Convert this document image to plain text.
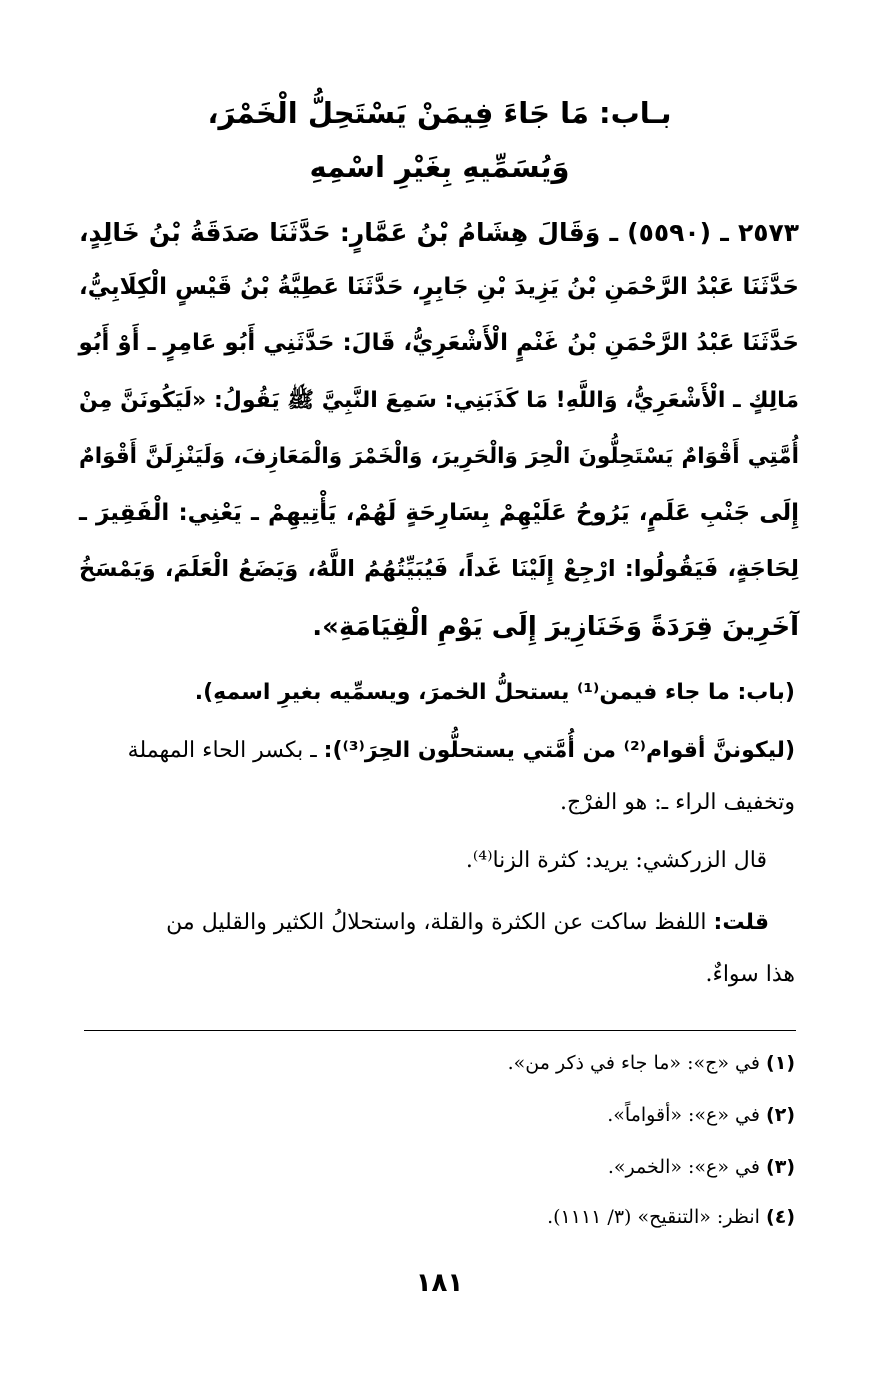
بـاب: مَا جَاءَ فِيمَنْ يَسْتَحِلُّ الْخَمْرَ،
وَيُسَمِّيهِ بِغَيْرِ اسْمِهِ
٢٥٧٣ ـ (٥٥٩٠) ـ وَقَالَ هِشَامُ بْنُ عَمَّارٍ: حَدَّثَنَا صَدَقَةُ بْنُ خَالِدٍ،
حَدَّثَنَا عَبْدُ الرَّحْمَنِ بْنُ يَزِيدَ بْنِ جَابِرٍ، حَدَّثَنَا عَطِيَّةُ بْنُ قَيْسٍ الْكِلَابِيُّ،
حَدَّثَنَا عَبْدُ الرَّحْمَنِ بْنُ غَنْمٍ الْأَشْعَرِيُّ، قَالَ: حَدَّثَنِي أَبُو عَامِرٍ ـ أَوْ أَبُو
مَالِكٍ ـ الْأَشْعَرِيُّ، وَاللَّهِ! مَا كَذَبَنِي: سَمِعَ النَّبِيَّ ﷺ يَقُولُ: «لَيَكُونَنَّ مِنْ
أُمَّتِي أَقْوَامٌ يَسْتَحِلُّونَ الْحِرَ وَالْحَرِيرَ، وَالْخَمْرَ وَالْمَعَازِفَ، وَلَيَنْزِلَنَّ أَقْوَامٌ
إِلَى جَنْبِ عَلَمٍ، يَرُوحُ عَلَيْهِمْ بِسَارِحَةٍ لَهُمْ، يَأْتِيهِمْ ـ يَعْنِي: الْفَقِيرَ ـ
لِحَاجَةٍ، فَيَقُولُوا: ارْجِعْ إِلَيْنَا غَداً، فَيُبَيِّتُهُمُ اللَّهُ، وَيَضَعُ الْعَلَمَ، وَيَمْسَخُ
آخَرِينَ قِرَدَةً وَخَنَازِيرَ إِلَى يَوْمِ الْقِيَامَةِ».
(باب: ما جاء فيمن⁽¹⁾ يستحلُّ الخمرَ، ويسمِّيه بغيرِ اسمهِ).
(ليكوننَّ أقوام⁽²⁾ من أُمَّتي يستحلُّون الحِرَ⁽³⁾): ـ بكسر الحاء المهملة
وتخفيف الراء ـ: هو الفرْج.
قال الزركشي: يريد: كثرة الزنا⁽⁴⁾.
قلت: اللفظ ساكت عن الكثرة والقلة، واستحلالُ الكثير والقليل من
هذا سواءٌ.
(١) في «ج»: «ما جاء في ذكر من».
(٢) في «ع»: «أقواماً».
(٣) في «ع»: «الخمر».
(٤) انظر: «التنقيح» (٣/ ١١١١).
١٨١
